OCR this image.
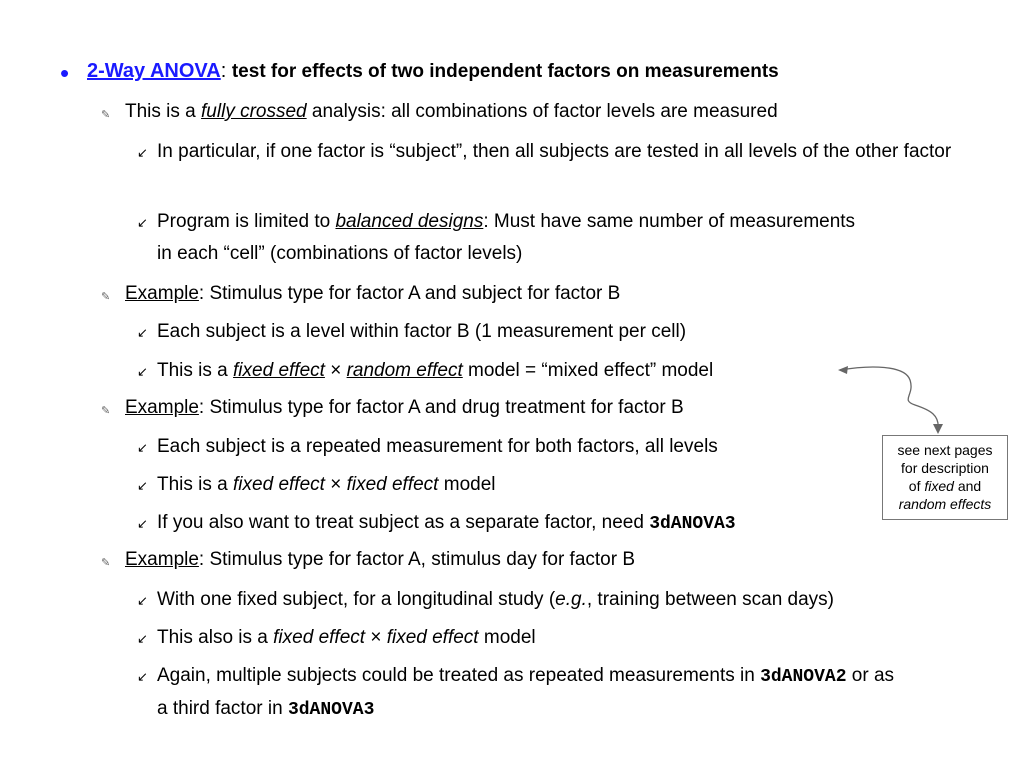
• 2-Way ANOVA: test for effects of two independent factors on measurements
✎ This is a fully crossed analysis: all combinations of factor levels are measured
↙ In particular, if one factor is “subject”, then all subjects are tested in all levels of the other factor
↙ Program is limited to balanced designs: Must have same number of measurements in each “cell” (combinations of factor levels)
✎ Example: Stimulus type for factor A and subject for factor B
↙ Each subject is a level within factor B (1 measurement per cell)
↙ This is a fixed effect × random effect model = “mixed effect” model
✎ Example: Stimulus type for factor A and drug treatment for factor B
↙ Each subject is a repeated measurement for both factors, all levels
↙ This is a fixed effect × fixed effect model
↙ If you also want to treat subject as a separate factor, need 3dANOVA3
✎ Example: Stimulus type for factor A, stimulus day for factor B
↙ With one fixed subject, for a longitudinal study (e.g., training between scan days)
↙ This also is a fixed effect × fixed effect model
↙ Again, multiple subjects could be treated as repeated measurements in 3dANOVA2 or as a third factor in 3dANOVA3
see next pages
for description
of fixed and
random effects
